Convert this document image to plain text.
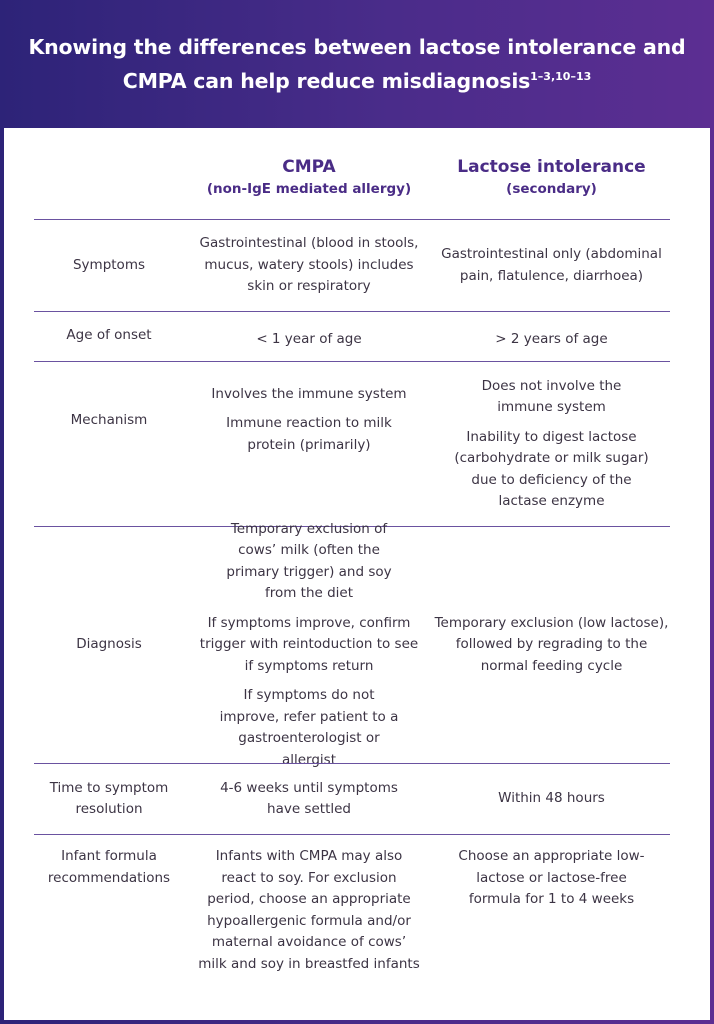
Knowing the differences between lactose intolerance and
CMPA can help reduce misdiagnosis$^{1-3,10-13}$
CMPA
(non-IgE mediated allergy)
Lactose intolerance
(secondary)

Symptoms

Gastrointestinal (blood in stools, mucus, watery stools) includes skin or respiratory

Gastrointestinal only (abdominal pain, flatulence, diarrhoea)

Age of onset	< 1 year of age	> 2 years of age

Mechanism

Involves the immune system

Immune reaction to milk protein (primarily)

Does not involve the immune system

Inability to digest lactose (carbohydrate or milk sugar) due to deficiency of the lactase enzyme

Diagnosis

Temporary exclusion of cows’ milk (often the primary trigger) and soy from the diet

If symptoms improve, confirm trigger with reintoduction to see if symptoms return

If symptoms do not improve, refer patient to a gastroenterologist or allergist

Temporary exclusion (low lactose), followed by regrading to the normal feeding cycle

Time to symptom resolution

4-6 weeks until symptoms have settled

Within 48 hours

Infant formula recommendations

Infants with CMPA may also react to soy. For exclusion period, choose an appropriate hypoallergenic formula and/or maternal avoidance of cows’ milk and soy in breastfed infants

Choose an appropriate low-lactose or lactose-free formula for 1 to 4 weeks
